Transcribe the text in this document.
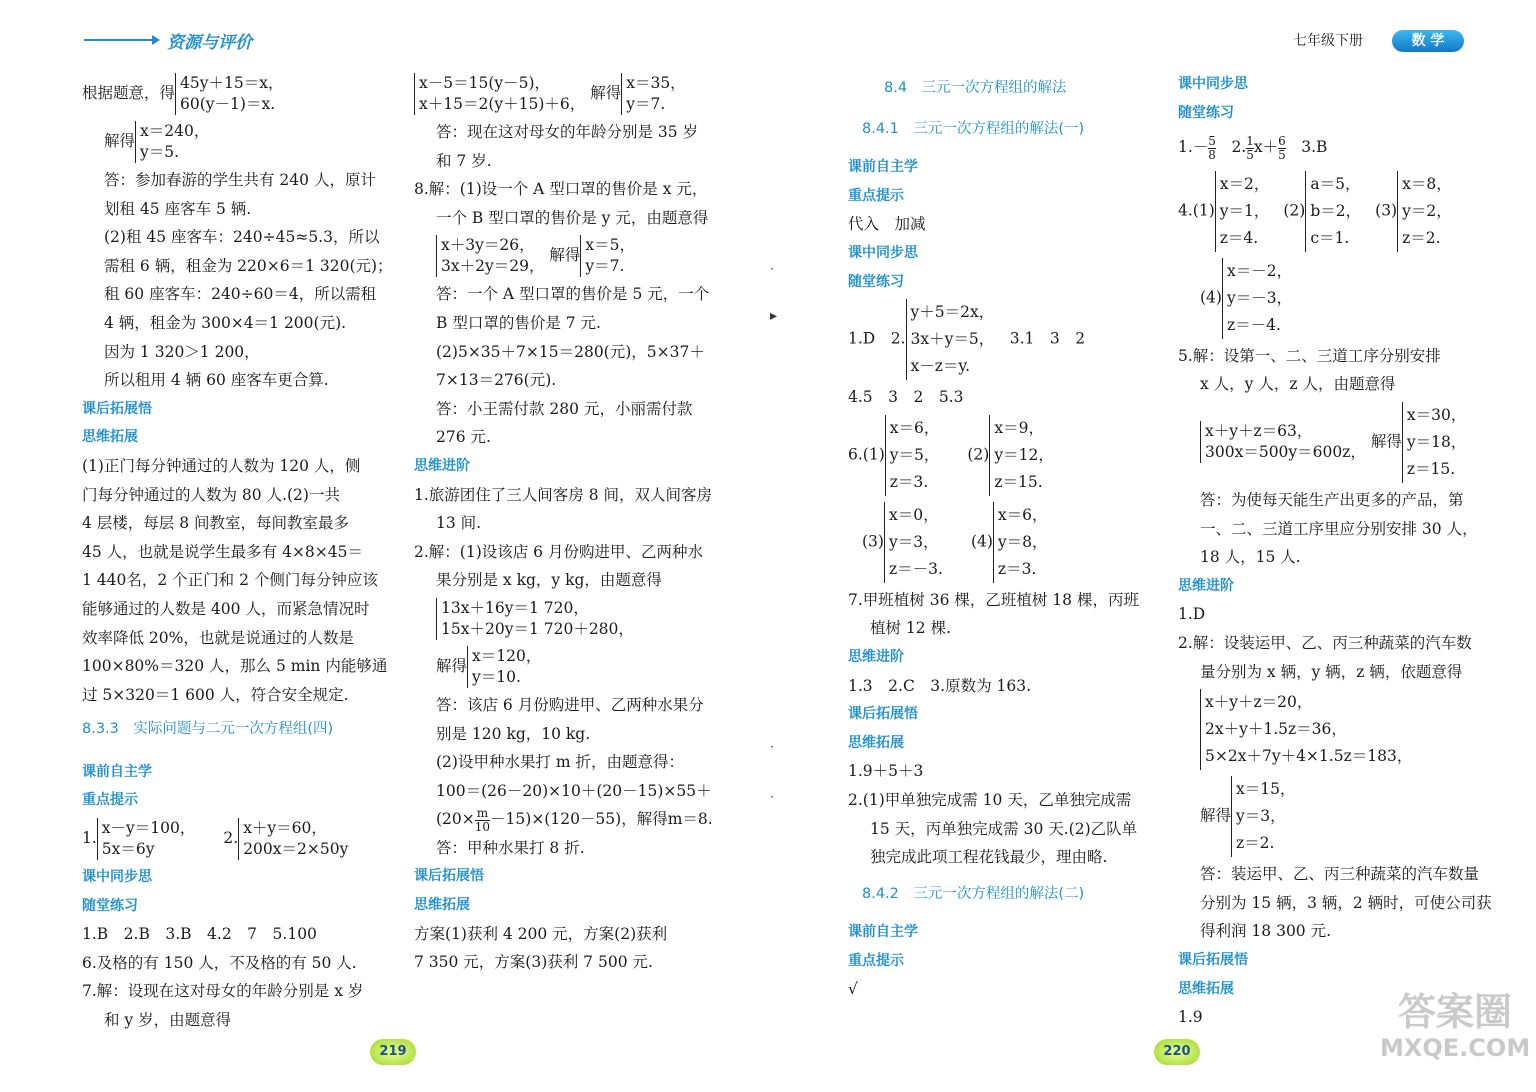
资源与评价
根据题意，得45y＋15＝x，
60(y－1)＝x.
解得x＝240，
y＝5.
答：参加春游的学生共有 240 人，原计
划租 45 座客车 5 辆.
(2)租 45 座客车：240÷45≈5.3，所以
需租 6 辆，租金为 220×6＝1 320(元)；
租 60 座客车：240÷60＝4，所以需租
4 辆，租金为 300×4＝1 200(元).
因为 1 320＞1 200，
所以租用 4 辆 60 座客车更合算.
课后拓展悟
思维拓展
(1)正门每分钟通过的人数为 120 人，侧
门每分钟通过的人数为 80 人.(2)一共
4 层楼，每层 8 间教室，每间教室最多
45 人，也就是说学生最多有 4×8×45＝
1 440名，2 个正门和 2 个侧门每分钟应该
能够通过的人数是 400 人，而紧急情况时
效率降低 20%，也就是说通过的人数是
100×80%＝320 人，那么 5 min 内能够通
过 5×320＝1 600 人，符合安全规定.
8.3.3　实际问题与二元一次方程组(四)
课前自主学
重点提示
1.x－y＝100，
5x＝6y2.x＋y＝60，
200x＝2×50y
课中同步思
随堂练习
1.B　2.B　3.B　4.2　7　5.100
6.及格的有 150 人，不及格的有 50 人.
7.解：设现在这对母女的年龄分别是 x 岁
和 y 岁，由题意得
x－5＝15(y－5)，
x＋15＝2(y＋15)＋6， 解得x＝35，
y＝7.
答：现在这对母女的年龄分别是 35 岁
和 7 岁.
8.解：(1)设一个 A 型口罩的售价是 x 元，
一个 B 型口罩的售价是 y 元，由题意得
x＋3y＝26，
3x＋2y＝29， 解得x＝5，
y＝7.
答：一个 A 型口罩的售价是 5 元，一个
B 型口罩的售价是 7 元.
(2)5×35＋7×15＝280(元)，5×37＋
7×13＝276(元).
答：小王需付款 280 元，小丽需付款
276 元.
思维进阶
1.旅游团住了三人间客房 8 间，双人间客房
13 间.
2.解：(1)设该店 6 月份购进甲、乙两种水
果分别是 x kg，y kg，由题意得
13x＋16y＝1 720，
15x＋20y＝1 720＋280，
解得x＝120，
y＝10.
答：该店 6 月份购进甲、乙两种水果分
别是 120 kg，10 kg.
(2)设甲种水果打 m 折，由题意得：
100＝(26－20)×10＋(20－15)×55＋
$(20\times \frac{m}{10} -15)\times(120-55)$，解得m＝8.
答：甲种水果打 8 折.
课后拓展悟
思维拓展
方案(1)获利 4 200 元，方案(2)获利
7 350 元，方案(3)获利 7 500 元.
219
8.4　三元一次方程组的解法
8.4.1　三元一次方程组的解法(一)
课前自主学
重点提示
代入　加减
课中同步思
随堂练习
1.D　2.y＋5＝2x，
3x＋y＝5，
x－z＝y.　3.1　3　2
4.5　3　2　5.3
6.(1)x＝6，
y＝5，
z＝3.(2)x＝9，
y＝12，
z＝15.
(3)x＝0，
y＝3，
z＝－3.(4)x＝6，
y＝8，
z＝3.
7.甲班植树 36 棵，乙班植树 18 棵，丙班
植树 12 棵.
思维进阶
1.3　2.C　3.原数为 163.
课后拓展悟
思维拓展
1.9＋5＋3
2.(1)甲单独完成需 10 天，乙单独完成需
15 天，丙单独完成需 30 天.(2)乙队单
独完成此项工程花钱最少，理由略.
8.4.2　三元一次方程组的解法(二)
课前自主学
重点提示
√
课中同步思
随堂练习
$1.- \frac{5}{8}$ 　2. $\frac{1}{5} x+ \frac{6}{5}$ 　3.B
4.(1)x＝2，
y＝1，
z＝4.(2)a＝5，
b＝2，
c＝1.(3)x＝8，
y＝2，
z＝2.
(4)x＝－2，
y＝－3，
z＝－4.
5.解：设第一、二、三道工序分别安排
x 人，y 人，z 人，由题意得
x＋y＋z＝63，
300x＝500y＝600z， 解得x＝30，
y＝18，
z＝15.
答：为使每天能生产出更多的产品，第
一、二、三道工序里应分别安排 30 人，
18 人，15 人.
思维进阶
1.D
2.解：设装运甲、乙、丙三种蔬菜的汽车数
量分别为 x 辆，y 辆，z 辆，依题意得
x＋y＋z＝20，
2x＋y＋1.5z＝36，
5×2x＋7y＋4×1.5z＝183，
解得x＝15，
y＝3，
z＝2.
答：装运甲、乙、丙三种蔬菜的汽车数量
分别为 15 辆，3 辆，2 辆时，可使公司获
得利润 18 300 元.
课后拓展悟
思维拓展
1.9
220
七年级下册	数 学
·
▸
·
·
答案圈
MXQE.COM
